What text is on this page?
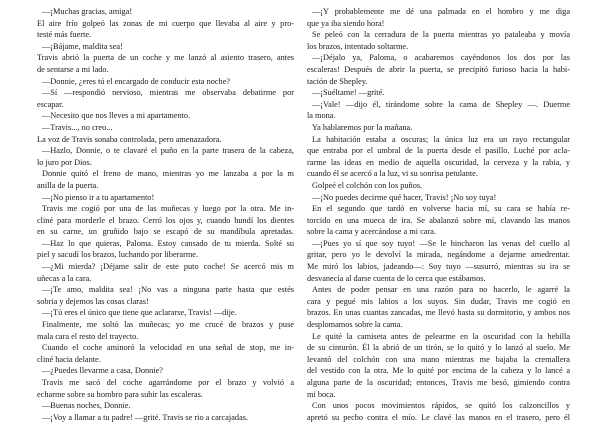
—¡Muchas gracias, amiga!
El aire frío golpeó las zonas de mi cuerpo que llevaba al aire y pro-
testé más fuerte.
—¡Bájame, maldita sea!
Travis abrió la puerta de un coche y me lanzó al asiento trasero, antes
de sentarse a mi lado.
—Donnie, ¿eres tú el encargado de conducir esta noche?
—Sí —respondió nervioso, mientras me observaba debatirme por
escapar.
—Necesito que nos lleves a mi apartamento.
—Travis..., no creo...
La voz de Travis sonaba controlada, pero amenazadora.
—Hazlo, Donnie, o te clavaré el puño en la parte trasera de la cabeza,
lo juro por Dios.
Donnie quitó el freno de mano, mientras yo me lanzaba a por la m
anilla de la puerta.
—¡No pienso ir a tu apartamento!
Travis me cogió por una de las muñecas y luego por la otra. Me in-
cliné para morderle el brazo. Cerró los ojos y, cuando hundí los dientes
en su carne, un gruñido bajo se escapó de su mandíbula apretadas.
—Haz lo que quieras, Paloma. Estoy cansado de tu mierda. Solté su
piel y sacudí los brazos, luchando por liberarme.
—¿Mi mierda? ¡Déjame salir de este puto coche! Se acercó mis m
uñecas a la cara.
—¡Te amo, maldita sea! ¡No vas a ninguna parte hasta que estés
sobria y dejemos las cosas claras!
—¡Tú eres el único que tiene que aclararse, Travis! —dije.
Finalmente, me soltó las muñecas; yo me crucé de brazos y puse
mala cara el resto del trayecto.
Cuando el coche aminoró la velocidad en una señal de stop, me in-
cliné hacia delante.
—¿Puedes llevarme a casa, Donnie?
Travis me sacó del coche agarrándome por el brazo y volvió a
echarme sobre su hombro para subir las escaleras.
—Buenas noches, Donnie.
—¡Voy a llamar a tu padre! —grité. Travis se rio a carcajadas.
—¡Y probablemente me dé una palmada en el hombro y me diga
que ya iba siendo hora!
Se peleó con la cerradura de la puerta mientras yo pataleaba y movía
los brazos, intentado soltarme.
—¡Déjalo ya, Paloma, o acabaremos cayéndonos los dos por las
escaleras! Después de abrir la puerta, se precipitó furioso hacia la habi-
tación de Shepley.
—¡Suéltame! —grité.
—¡Vale! —dijo él, tirándome sobre la cama de Shepley —. Duerme
la mona.
Ya hablaremos por la mañana.
La habitación estaba a oscuras; la única luz era un rayo rectangular
que entraba por el umbral de la puerta desde el pasillo. Luché por acla-
rarme las ideas en medio de aquella oscuridad, la cerveza y la rabia, y
cuando él se acercó a la luz, vi su sonrisa petulante.
Golpeé el colchón con los puños.
—¡No puedes decirme qué hacer, Travis! ¡No soy tuya!
En el segundo que tardó en volverse hacia mí, su cara se había re-
torcido en una mueca de ira. Se abalanzó sobre mí, clavando las manos
sobre la cama y acercándose a mi cara.
—¡Pues yo sí que soy tuyo! —Se le hincharon las venas del cuello al
gritar, pero yo le devolví la mirada, negándome a dejarme amedrentar.
Me miró los labios, jadeando—: Soy tuyo —susurró, mientras su ira se
desvanecía al darse cuenta de lo cerca que estábamos.
Antes de poder pensar en una razón para no hacerlo, le agarré la
cara y pegué mis labios a los suyos. Sin dudar, Travis me cogió en
brazos. En unas cuantas zancadas, me llevó hasta su dormitorio, y ambos nos
desplomamos sobre la cama.
Le quité la camiseta antes de pelearme en la oscuridad con la hebilla
de su cinturón. Él la abrió de un tirón, se lo quitó y lo lanzó al suelo. Me
levantó del colchón con una mano mientras me bajaba la cremallera
del vestido con la otra. Me lo quité por encima de la cabeza y lo lancé a
alguna parte de la oscuridad; entonces, Travis me besó, gimiendo contra
mi boca.
Con unos pocos movimientos rápidos, se quitó los calzoncillos y
apretó su pecho contra el mío. Le clavé las manos en el trasero, pero él
